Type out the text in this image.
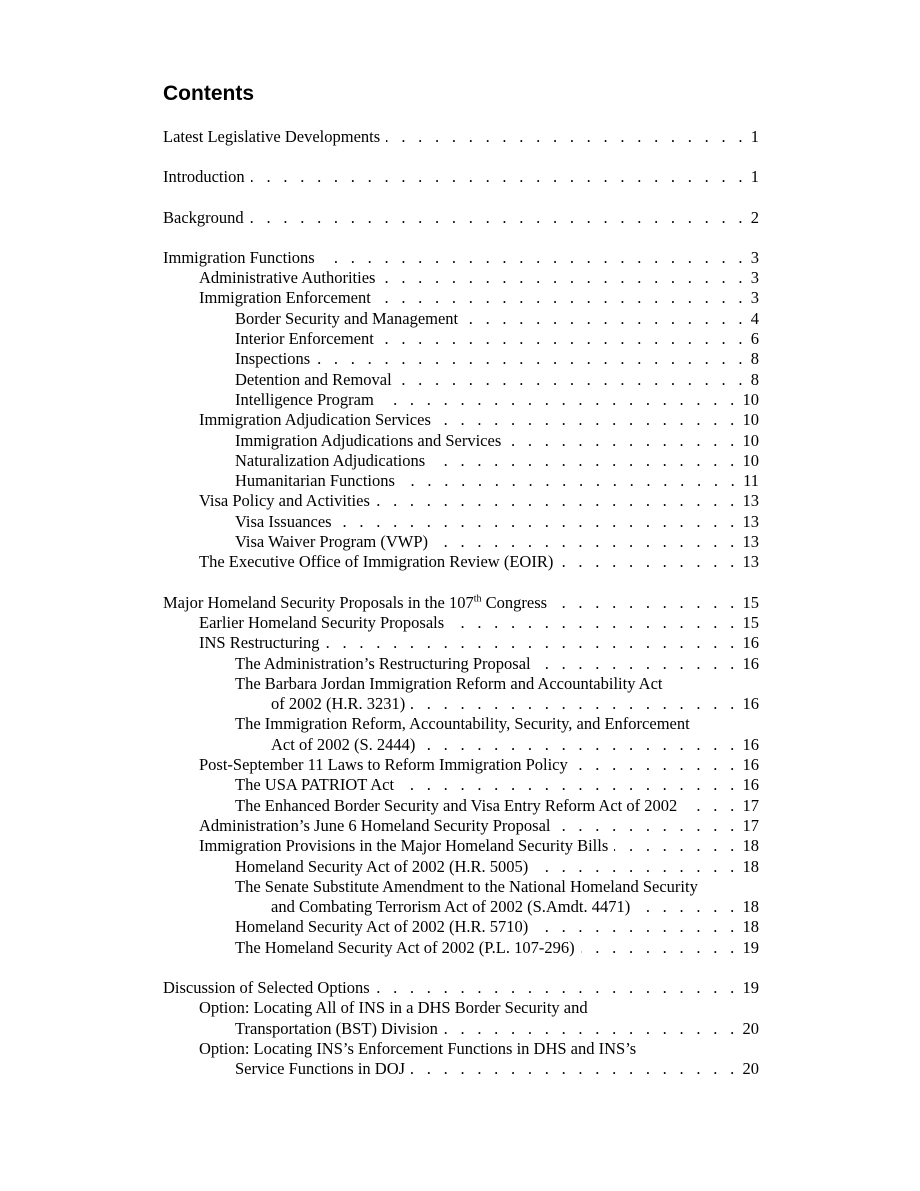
Contents
Latest Legislative Developments . . .	1
Introduction . . .	1
Background . . .	2
Immigration Functions . . .	3
Administrative Authorities . . .	3
Immigration Enforcement . . .	3
Border Security and Management . . .	4
Interior Enforcement . . .	6
Inspections . . .	8
Detention and Removal . . .	8
Intelligence Program . . .	10
Immigration Adjudication Services . . .	10
Immigration Adjudications and Services . . .	10
Naturalization Adjudications . . .	10
Humanitarian Functions . . .	11
Visa Policy and Activities . . .	13
Visa Issuances . . .	13
Visa Waiver Program (VWP) . . .	13
The Executive Office of Immigration Review (EOIR) . . .	13
Major Homeland Security Proposals in the 107th Congress . . .	15
Earlier Homeland Security Proposals . . .	15
INS Restructuring . . .	16
The Administration’s Restructuring Proposal . . .	16
The Barbara Jordan Immigration Reform and Accountability Act
of 2002 (H.R. 3231) . . .	16
The Immigration Reform, Accountability, Security, and Enforcement
Act of 2002 (S. 2444) . . .	16
Post-September 11 Laws to Reform Immigration Policy . . .	16
The USA PATRIOT Act . . .	16
The Enhanced Border Security and Visa Entry Reform Act of 2002 . . .	17
Administration’s June 6 Homeland Security Proposal . . .	17
Immigration Provisions in the Major Homeland Security Bills . . .	18
Homeland Security Act of 2002 (H.R. 5005) . . .	18
The Senate Substitute Amendment to the National Homeland Security
and Combating Terrorism Act of 2002 (S.Amdt. 4471) . . .	18
Homeland Security Act of 2002 (H.R. 5710) . . .	18
The Homeland Security Act of 2002 (P.L. 107-296) . . .	19
Discussion of Selected Options . . .	19
Option: Locating All of INS in a DHS Border Security and
Transportation (BST) Division . . .	20
Option: Locating INS’s Enforcement Functions in DHS and INS’s
Service Functions in DOJ . . .	20
